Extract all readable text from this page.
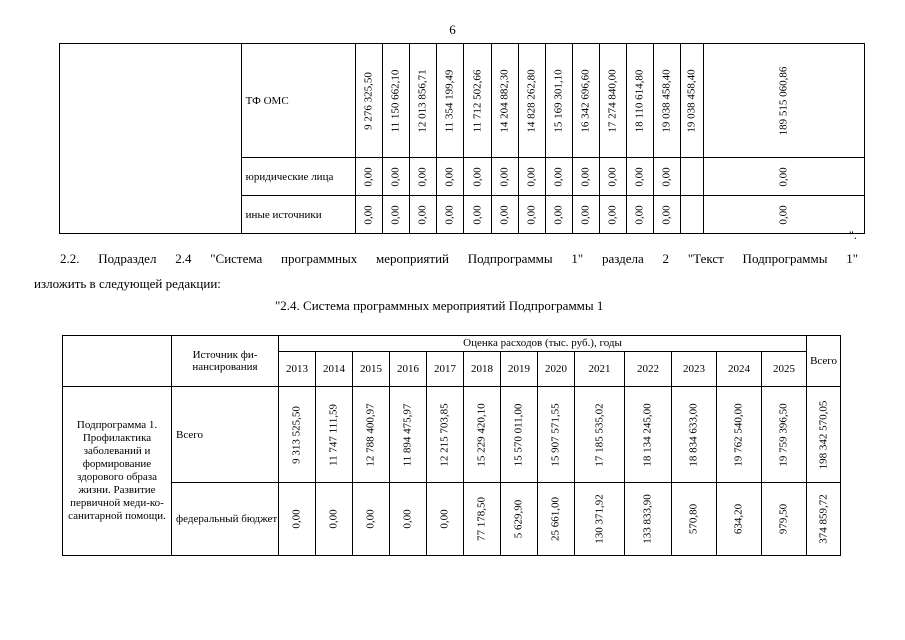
6
	ТФ ОМС	9 276 325,50	11 150 662,10	12 013 856,71	11 354 199,49	11 712 502,66	14 204 882,30	14 828 262,80	15 169 301,10	16 342 696,60	17 274 840,00	18 110 614,80	19 038 458,40	19 038 458,40	189 515 060,86

	юридические лица	0,00	0,00	0,00	0,00	0,00	0,00	0,00	0,00	0,00	0,00	0,00	0,00		0,00

	иные источники	0,00	0,00	0,00	0,00	0,00	0,00	0,00	0,00	0,00	0,00	0,00	0,00		0,00
".
2.2. Подраздел 2.4 "Система программных мероприятий Подпрограммы 1" раздела 2 "Текст Подпрограммы 1"
изложить в следующей редакции:
"2.4. Система программных мероприятий Подпрограммы 1
	Источник фи-нансирования	Оценка расходов (тыс. руб.), годы													Всего
		2013	2014	2015	2016	2017	2018	2019	2020	2021	2022	2023	2024	2025	
Подпрограмма 1. Профилактика заболеваний и формирование здорового образа жизни. Развитие первичной меди-ко-санитарной помощи.	Всего	9 313 525,50	11 747 111,59	12 788 400,97	11 894 475,97	12 215 703,85	15 229 420,10	15 570 011,00	15 907 571,55	17 185 535,02	18 134 245,00	18 834 633,00	19 762 540,00	19 759 396,50	198 342 570,05

	федеральный бюджет	0,00	0,00	0,00	0,00	0,00	77 178,50	5 629,90	25 661,00	130 371,92	133 833,90	570,80	634,20	979,50	374 859,72
